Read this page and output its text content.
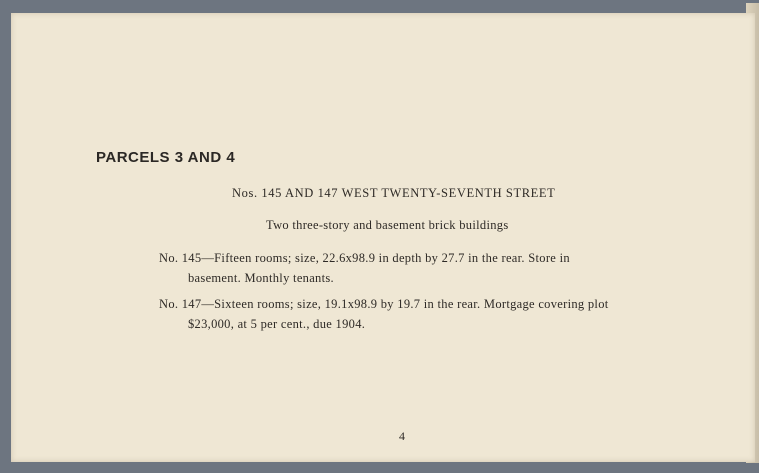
PARCELS 3 AND 4
Nos. 145 AND 147 WEST TWENTY-SEVENTH STREET
Two three-story and basement brick buildings

No. 145—Fifteen rooms; size, 22.6x98.9 in depth by 27.7 in the rear. Store in
basement. Monthly tenants.

No. 147—Sixteen rooms; size, 19.1x98.9 by 19.7 in the rear. Mortgage covering plot
$23,000, at 5 per cent., due 1904.

4
